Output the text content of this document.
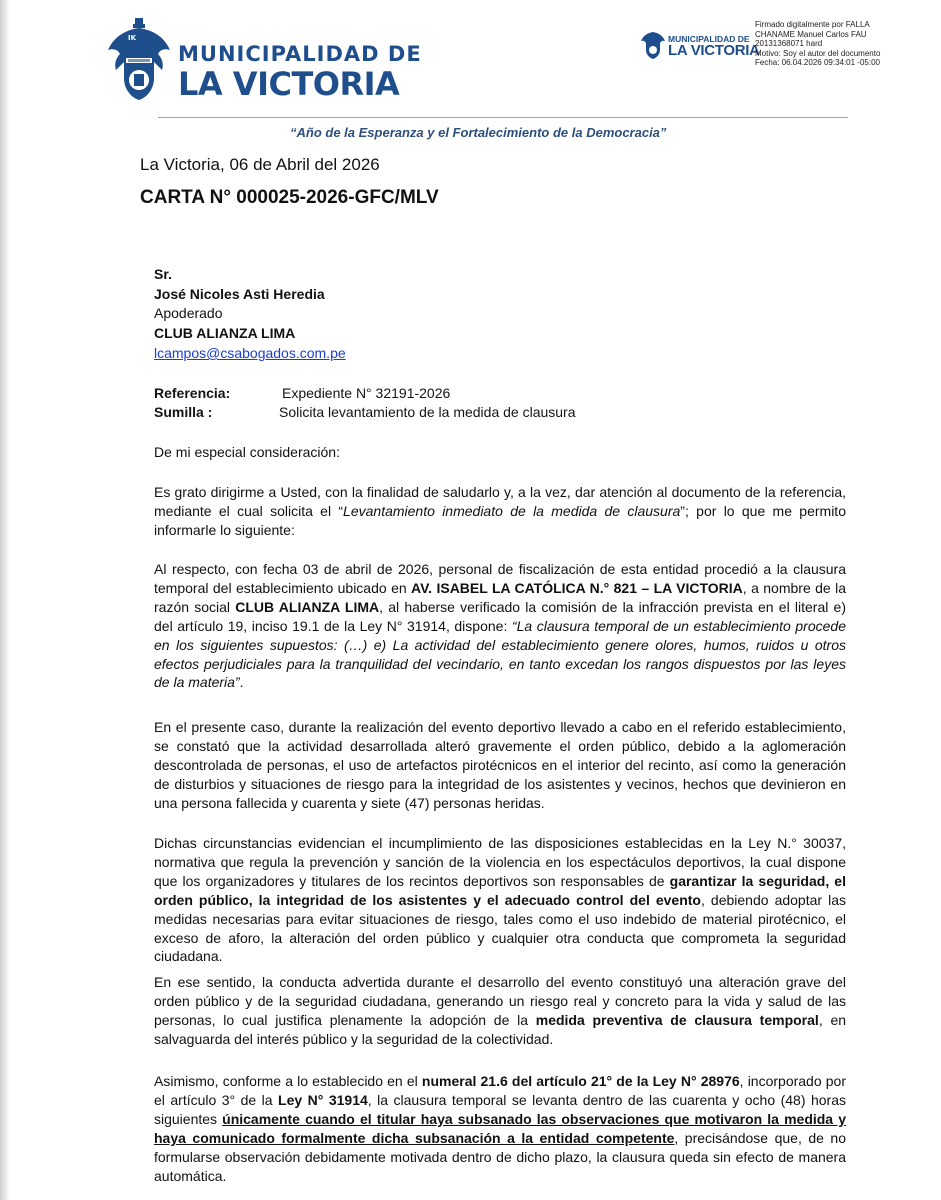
IK
MUNICIPALIDAD DE
LA VICTORIA
MUNICIPALIDAD DE
LA VICTORIA
Firmado digitalmente por FALLA
CHANAME Manuel Carlos FAU
20131368071 hard
Motivo: Soy el autor del documento
Fecha: 06.04.2026 09:34:01 -05:00
“Año de la Esperanza y el Fortalecimiento de la Democracia”
La Victoria, 06 de Abril del 2026
CARTA N° 000025-2026-GFC/MLV
Sr.
José Nicoles Asti Heredia
Apoderado
CLUB ALIANZA LIMA
lcampos@csabogados.com.pe
Referencia:	Expediente N° 32191-2026
Sumilla :	Solicita levantamiento de la medida de clausura
De mi especial consideración:
Es grato dirigirme a Usted, con la finalidad de saludarlo y, a la vez, dar atención al documento de la referencia, mediante el cual solicita el “Levantamiento inmediato de la medida de clausura”; por lo que me permito informarle lo siguiente:
Al respecto, con fecha 03 de abril de 2026, personal de fiscalización de esta entidad procedió a la clausura temporal del establecimiento ubicado en AV. ISABEL LA CATÓLICA N.° 821 – LA VICTORIA, a nombre de la razón social CLUB ALIANZA LIMA, al haberse verificado la comisión de la infracción prevista en el literal e) del artículo 19, inciso 19.1 de la Ley N° 31914, dispone: “La clausura temporal de un establecimiento procede en los siguientes supuestos: (…) e) La actividad del establecimiento genere olores, humos, ruidos u otros efectos perjudiciales para la tranquilidad del vecindario, en tanto excedan los rangos dispuestos por las leyes de la materia”.
En el presente caso, durante la realización del evento deportivo llevado a cabo en el referido establecimiento, se constató que la actividad desarrollada alteró gravemente el orden público, debido a la aglomeración descontrolada de personas, el uso de artefactos pirotécnicos en el interior del recinto, así como la generación de disturbios y situaciones de riesgo para la integridad de los asistentes y vecinos, hechos que devinieron en una persona fallecida y cuarenta y siete (47) personas heridas.
Dichas circunstancias evidencian el incumplimiento de las disposiciones establecidas en la Ley N.° 30037, normativa que regula la prevención y sanción de la violencia en los espectáculos deportivos, la cual dispone que los organizadores y titulares de los recintos deportivos son responsables de garantizar la seguridad, el orden público, la integridad de los asistentes y el adecuado control del evento, debiendo adoptar las medidas necesarias para evitar situaciones de riesgo, tales como el uso indebido de material pirotécnico, el exceso de aforo, la alteración del orden público y cualquier otra conducta que comprometa la seguridad ciudadana.
En ese sentido, la conducta advertida durante el desarrollo del evento constituyó una alteración grave del orden público y de la seguridad ciudadana, generando un riesgo real y concreto para la vida y salud de las personas, lo cual justifica plenamente la adopción de la medida preventiva de clausura temporal, en salvaguarda del interés público y la seguridad de la colectividad.
Asimismo, conforme a lo establecido en el numeral 21.6 del artículo 21° de la Ley N° 28976, incorporado por el artículo 3° de la Ley N° 31914, la clausura temporal se levanta dentro de las cuarenta y ocho (48) horas siguientes únicamente cuando el titular haya subsanado las observaciones que motivaron la medida y haya comunicado formalmente dicha subsanación a la entidad competente, precisándose que, de no formularse observación debidamente motivada dentro de dicho plazo, la clausura queda sin efecto de manera automática.
